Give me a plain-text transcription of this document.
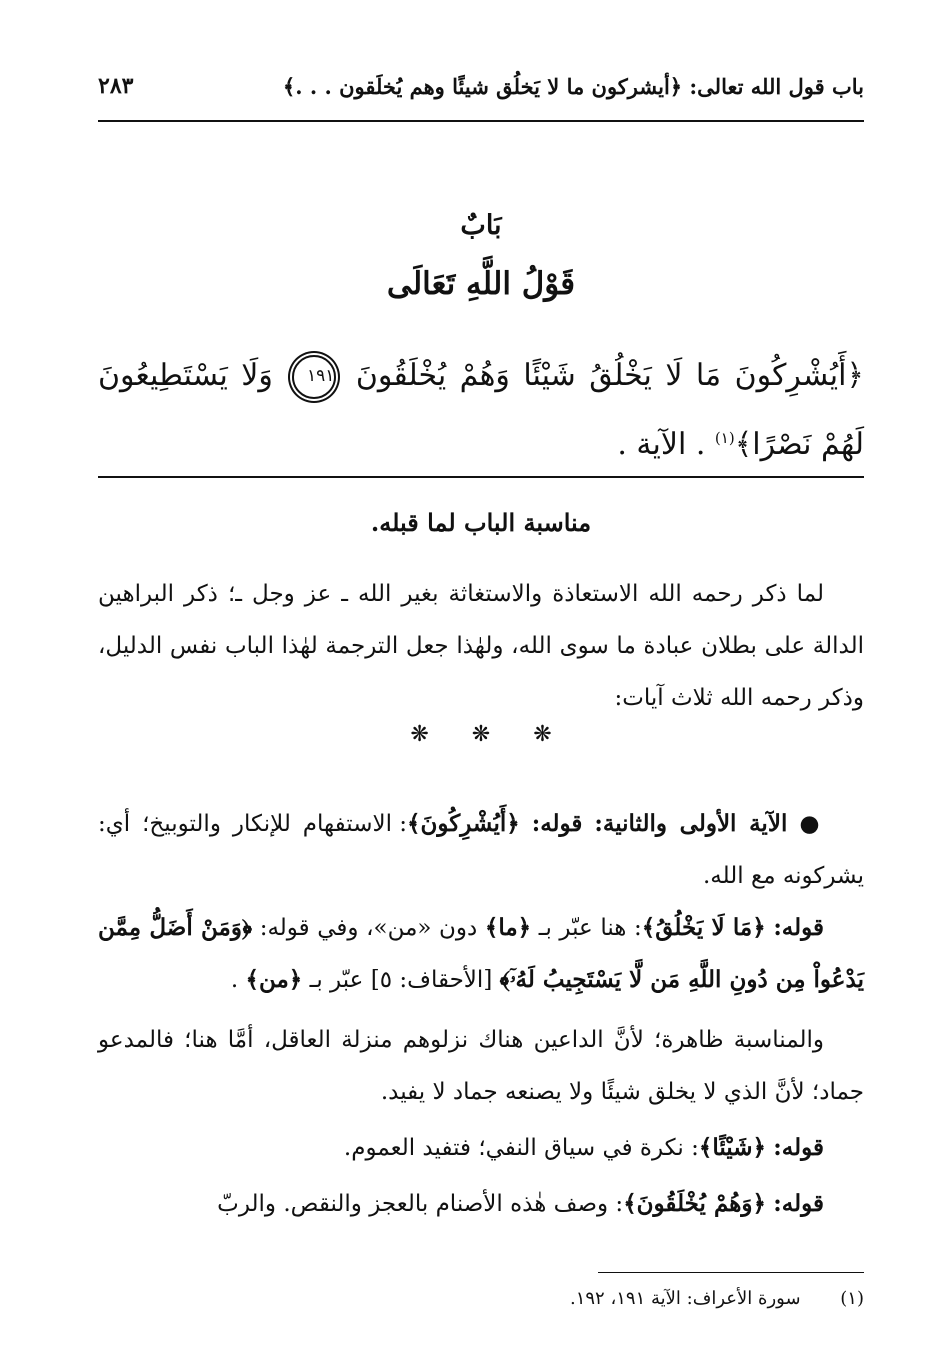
باب قول الله تعالى: ﴿أيشركون ما لا يَخلُق شيئًا وهم يُخلَقون . . .﴾
٢٨٣
بَابٌ
قَوْلُ اللَّهِ تَعَالَى
﴿أَيُشْرِكُونَ مَا لَا يَخْلُقُ شَيْئًا وَهُمْ يُخْلَقُونَ ١٩١ وَلَا يَسْتَطِيعُونَ لَهُمْ نَصْرًا﴾$^{(١)}$ . الآية .
مناسبة الباب لما قبله.

لما ذكر رحمه الله الاستعاذة والاستغاثة بغير الله ـ عز وجل ـ؛ ذكر البراهين الدالة على بطلان عبادة ما سوى الله، ولهٰذا جعل الترجمة لهٰذا الباب نفس الدليل، وذكر رحمه الله ثلاث آيات:

❋ ❋ ❋

● الآية الأولى والثانية: قوله: ﴿أَيُشْرِكُونَ﴾: الاستفهام للإنكار والتوبيخ؛ أي: يشركونه مع الله.

قوله: ﴿مَا لَا يَخْلُقُ﴾: هنا عبّر بـ ﴿ما﴾ دون «من»، وفي قوله: ﴿وَمَنْ أَضَلُّ مِمَّن يَدْعُواْ مِن دُونِ اللَّهِ مَن لَّا يَسْتَجِيبُ لَهُۥٓ﴾ [الأحقاف: ٥] عبّر بـ ﴿من﴾ .

والمناسبة ظاهرة؛ لأنَّ الداعين هناك نزلوهم منزلة العاقل، أمَّا هنا؛ فالمدعو جماد؛ لأنَّ الذي لا يخلق شيئًا ولا يصنعه جماد لا يفيد.

قوله: ﴿شَيْئًا﴾: نكرة في سياق النفي؛ فتفيد العموم.

قوله: ﴿وَهُمْ يُخْلَقُونَ﴾: وصف هٰذه الأصنام بالعجز والنقص. والربّ

(١) سورة الأعراف: الآية ١٩١، ١٩٢.
